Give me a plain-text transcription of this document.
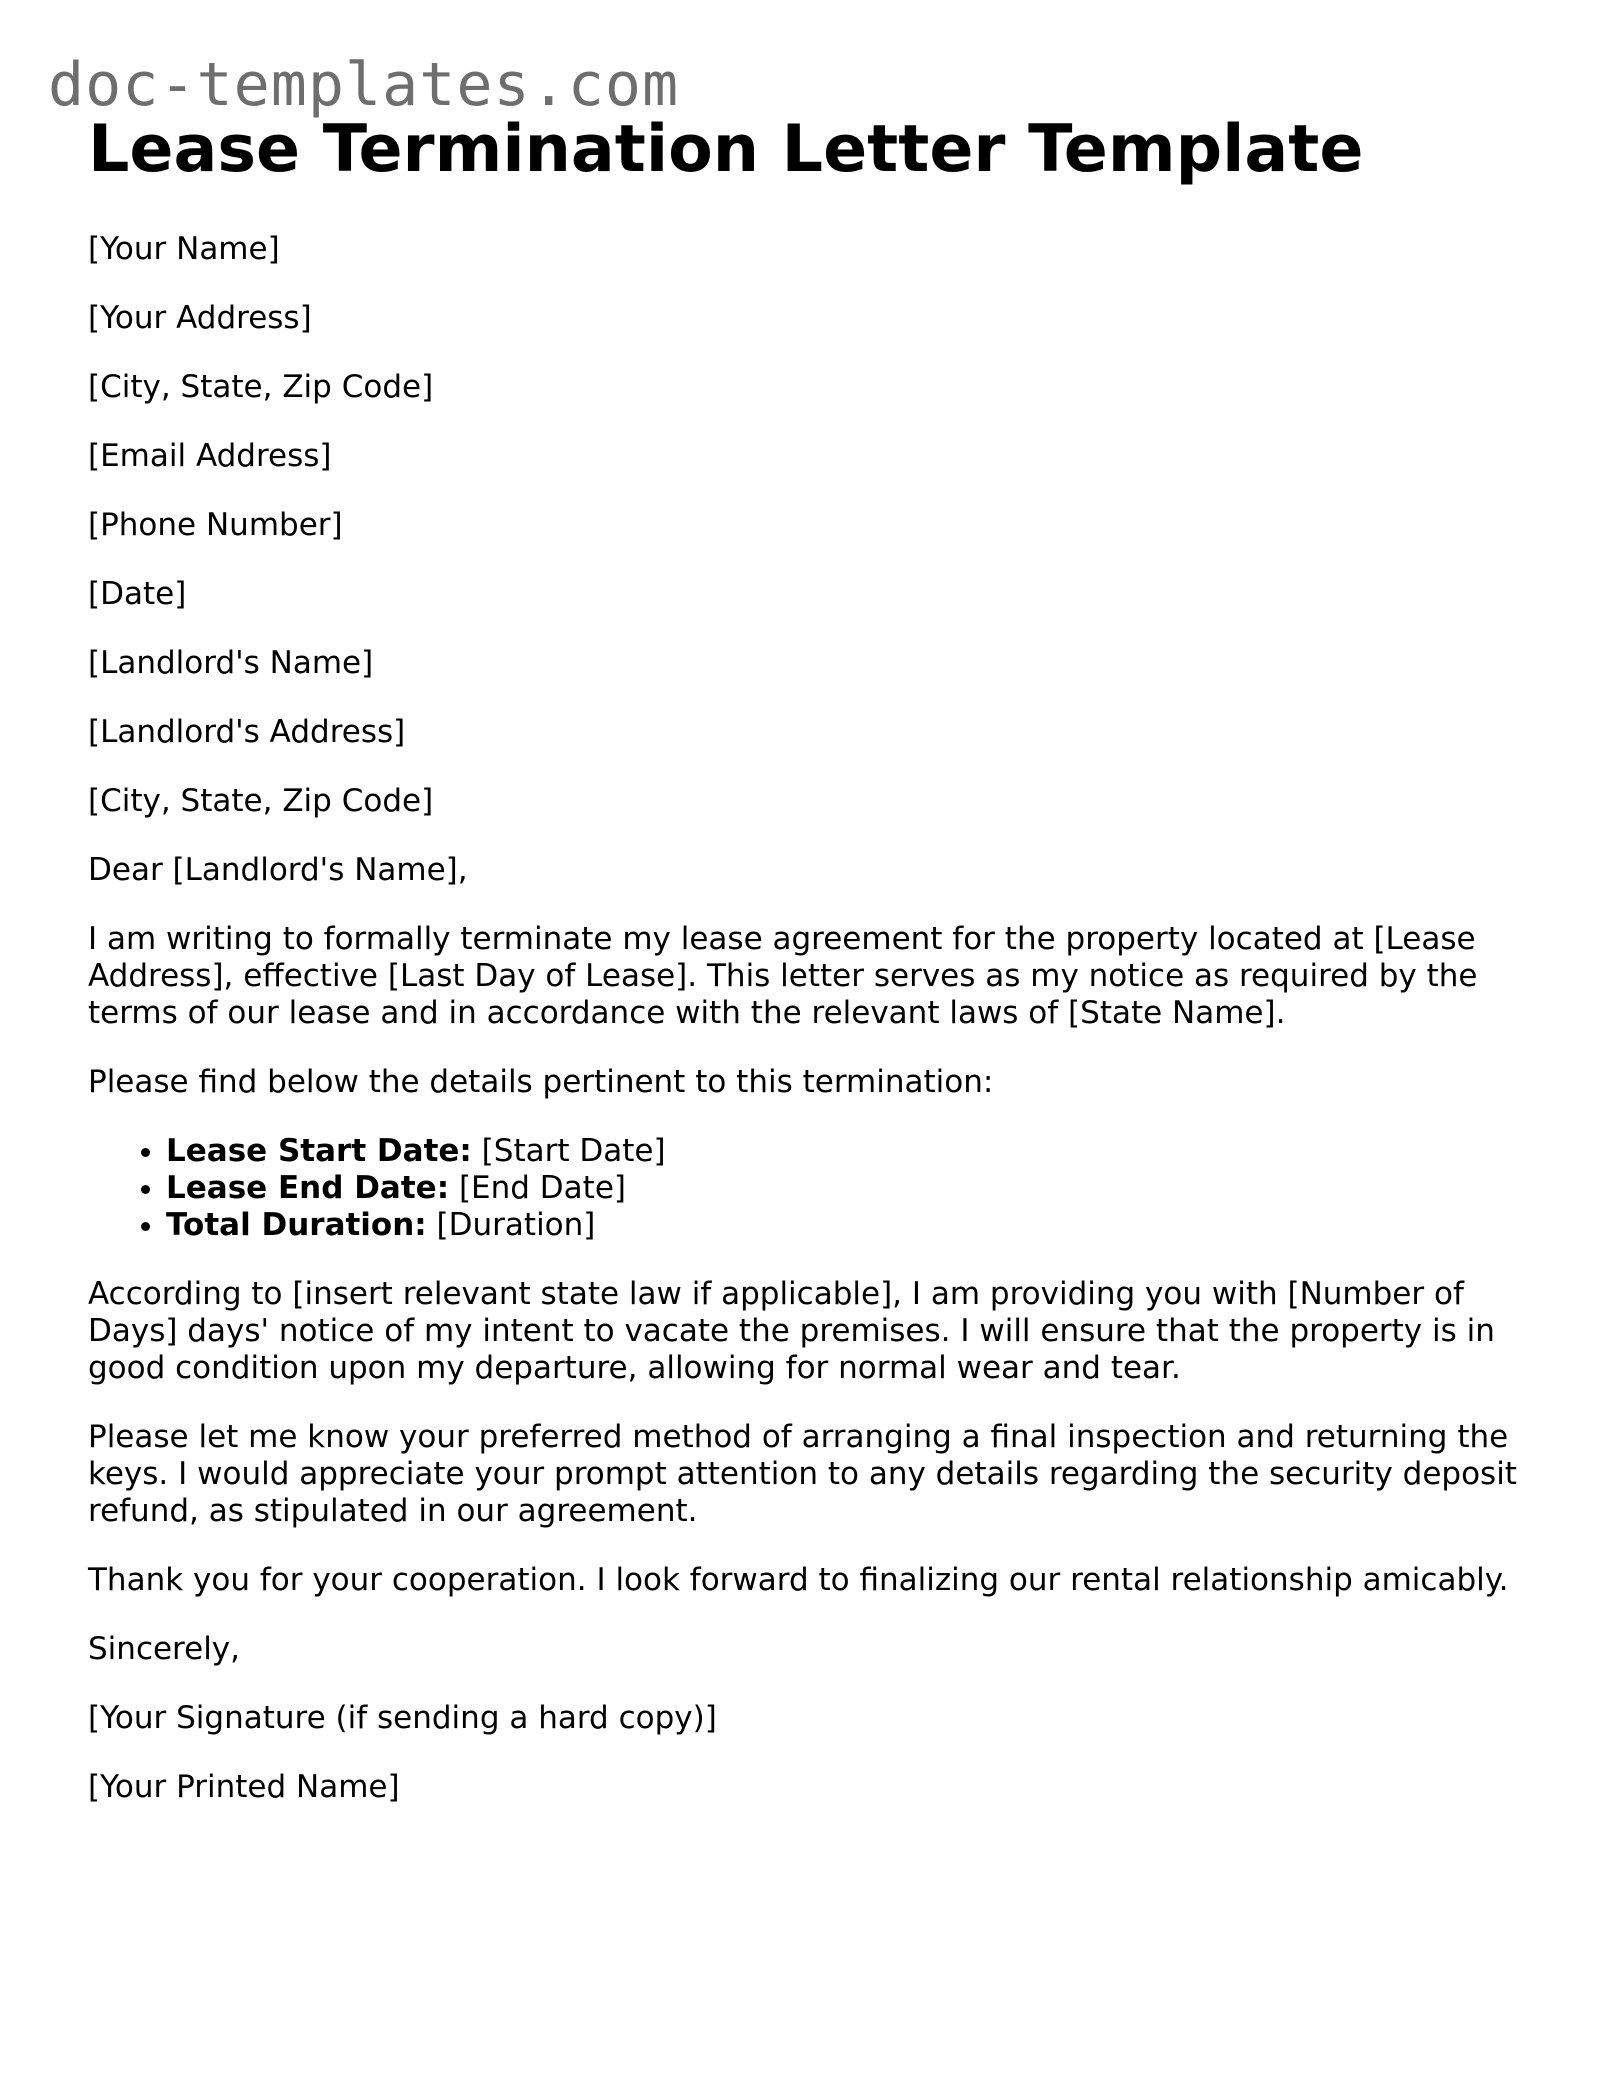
doc-templates.com
Lease Termination Letter Template

[Your Name]

[Your Address]

[City, State, Zip Code]

[Email Address]

[Phone Number]

[Date]

[Landlord's Name]

[Landlord's Address]

[City, State, Zip Code]

Dear [Landlord's Name],

I am writing to formally terminate my lease agreement for the property located at [Lease Address], effective [Last Day of Lease]. This letter serves as my notice as required by the terms of our lease and in accordance with the relevant laws of [State Name].

Please find below the details pertinent to this termination:

• Lease Start Date: [Start Date]
• Lease End Date: [End Date]
• Total Duration: [Duration]

According to [insert relevant state law if applicable], I am providing you with [Number of Days] days' notice of my intent to vacate the premises. I will ensure that the property is in good condition upon my departure, allowing for normal wear and tear.

Please let me know your preferred method of arranging a final inspection and returning the keys. I would appreciate your prompt attention to any details regarding the security deposit refund, as stipulated in our agreement.

Thank you for your cooperation. I look forward to finalizing our rental relationship amicably.

Sincerely,

[Your Signature (if sending a hard copy)]

[Your Printed Name]
